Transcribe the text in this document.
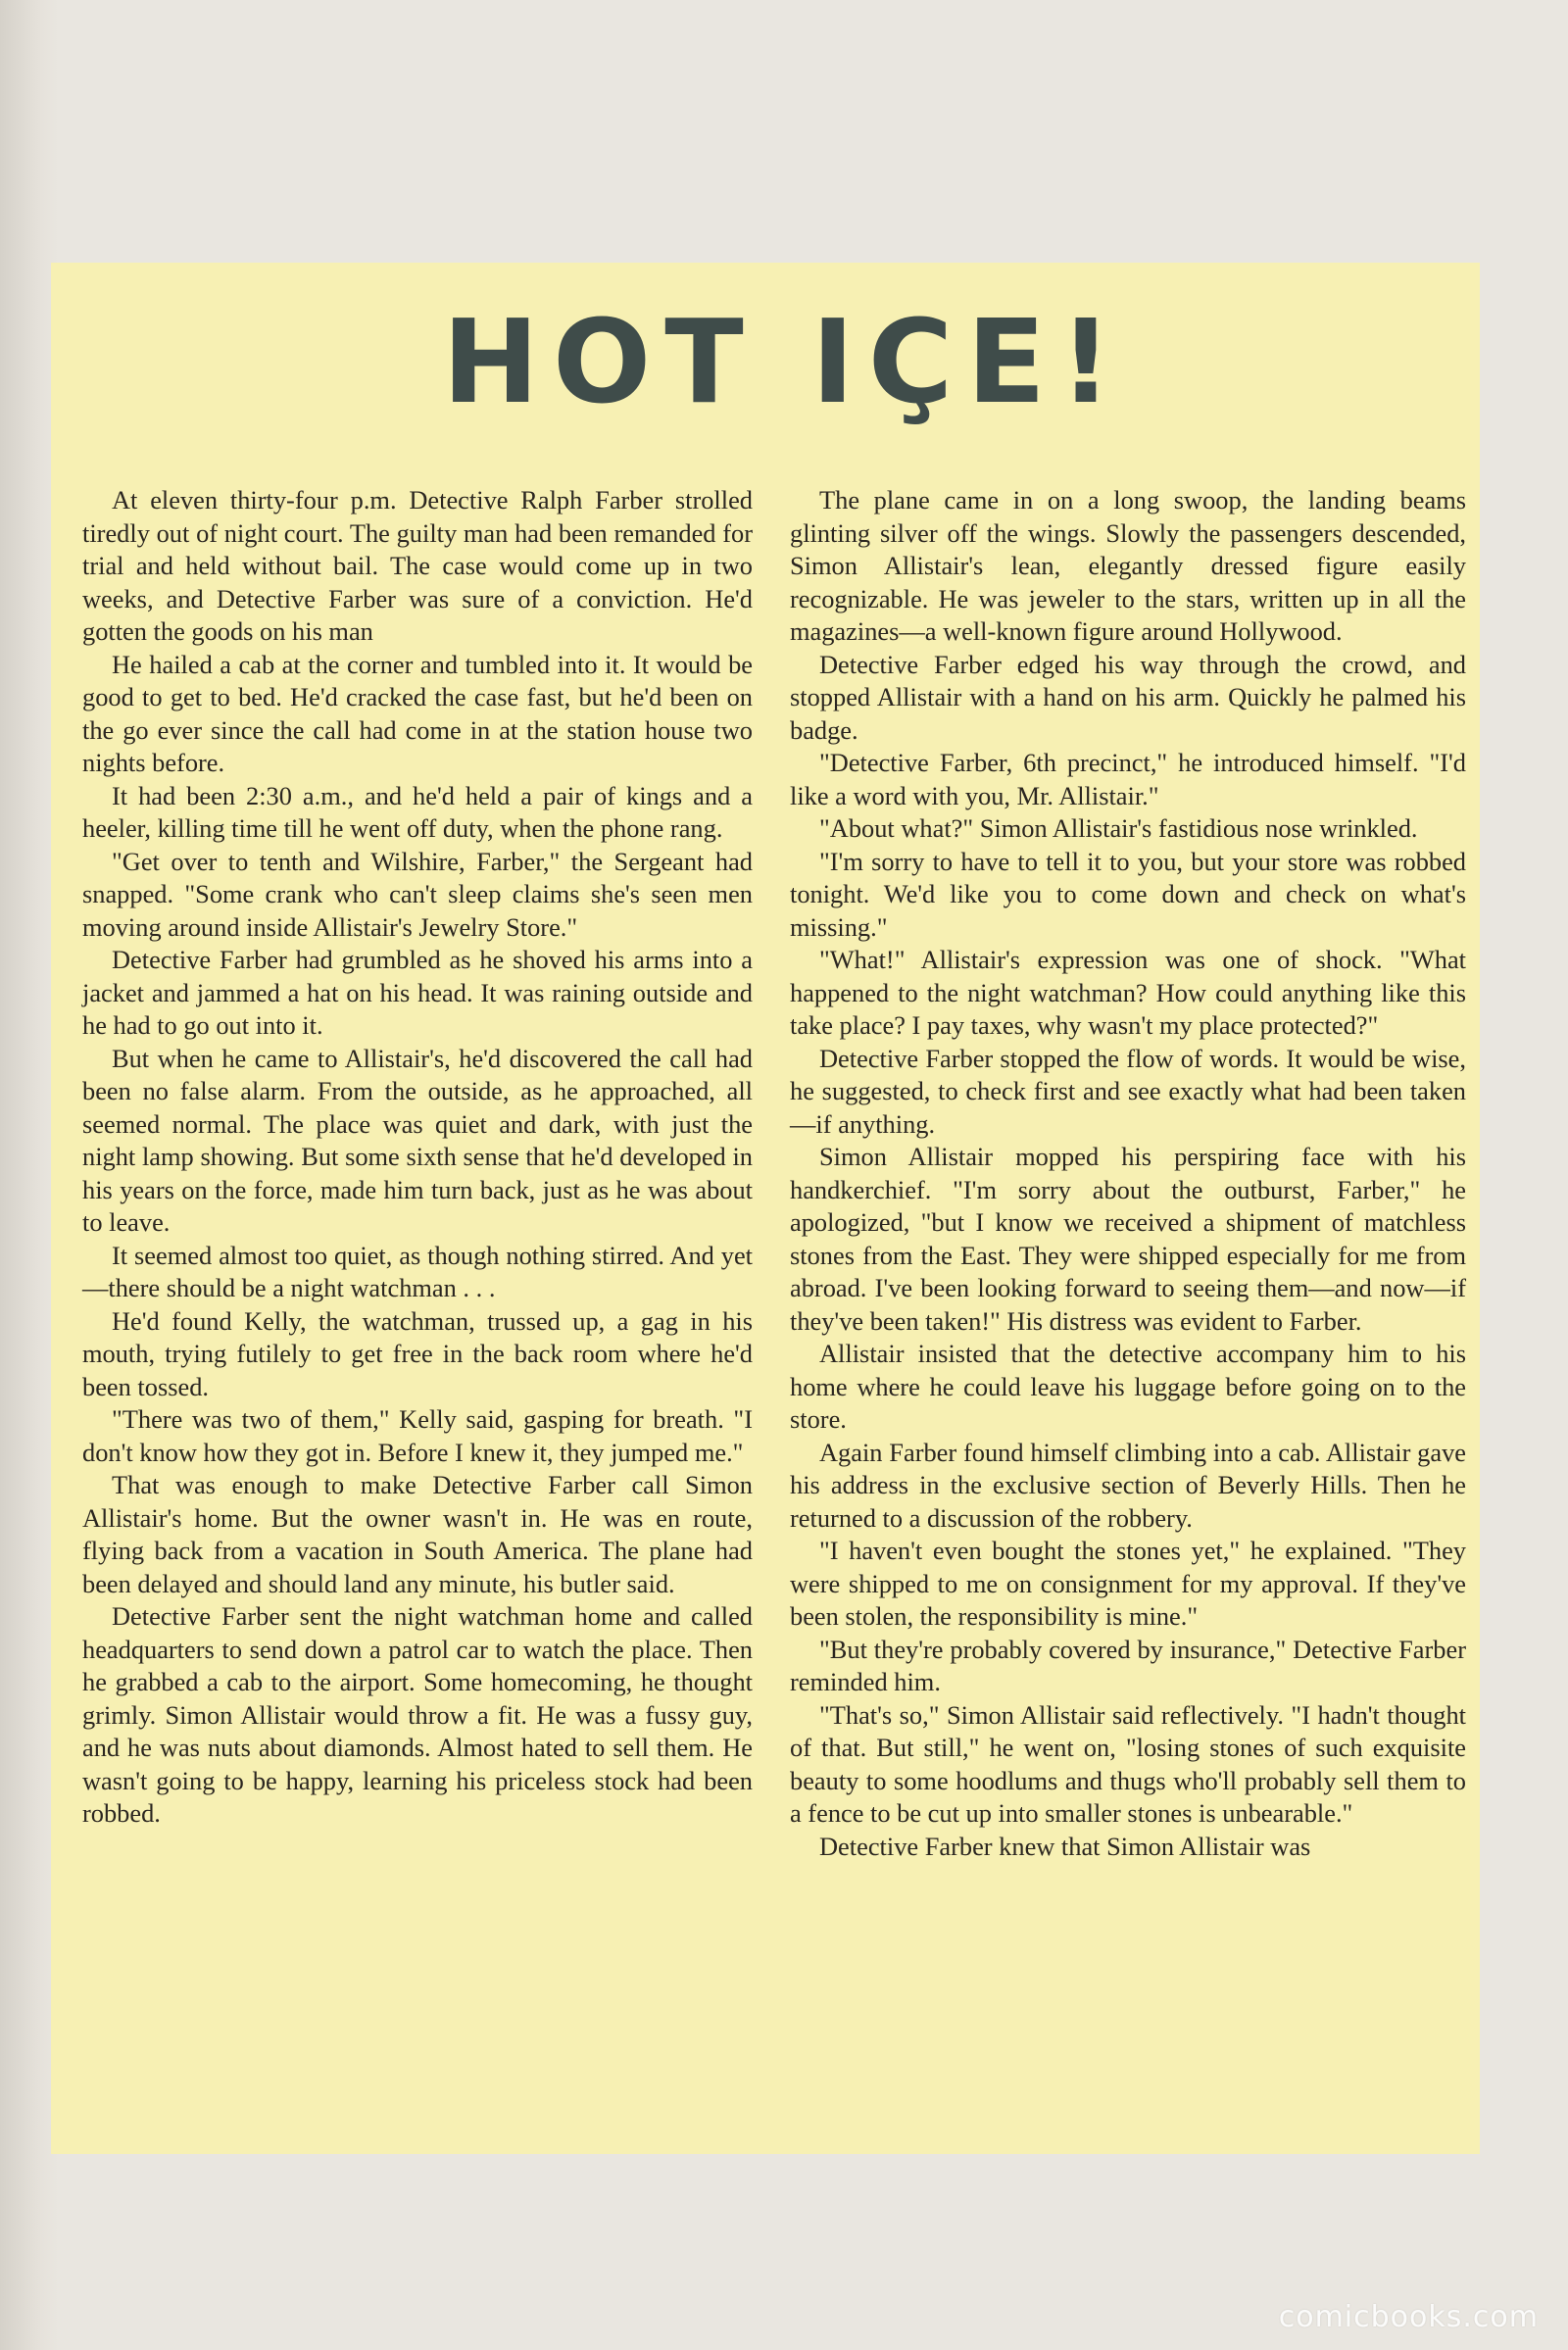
HOT IÇE!

At eleven thirty-four p.m. Detective Ralph Farber strolled tiredly out of night court. The guilty man had been remanded for trial and held without bail. The case would come up in two weeks, and Detective Farber was sure of a conviction. He'd gotten the goods on his man

He hailed a cab at the corner and tumbled into it. It would be good to get to bed. He'd cracked the case fast, but he'd been on the go ever since the call had come in at the station house two nights before.

It had been 2:30 a.m., and he'd held a pair of kings and a heeler, killing time till he went off duty, when the phone rang.

"Get over to tenth and Wilshire, Farber," the Sergeant had snapped. "Some crank who can't sleep claims she's seen men moving around inside Allistair's Jewelry Store."

Detective Farber had grumbled as he shoved his arms into a jacket and jammed a hat on his head. It was raining outside and he had to go out into it.

But when he came to Allistair's, he'd discovered the call had been no false alarm. From the outside, as he approached, all seemed normal. The place was quiet and dark, with just the night lamp showing. But some sixth sense that he'd developed in his years on the force, made him turn back, just as he was about to leave.

It seemed almost too quiet, as though nothing stirred. And yet—there should be a night watchman . . .

He'd found Kelly, the watchman, trussed up, a gag in his mouth, trying futilely to get free in the back room where he'd been tossed.

"There was two of them," Kelly said, gasping for breath. "I don't know how they got in. Before I knew it, they jumped me."

That was enough to make Detective Farber call Simon Allistair's home. But the owner wasn't in. He was en route, flying back from a vacation in South America. The plane had been delayed and should land any minute, his butler said.

Detective Farber sent the night watchman home and called headquarters to send down a patrol car to watch the place. Then he grabbed a cab to the airport. Some homecoming, he thought grimly. Simon Allistair would throw a fit. He was a fussy guy, and he was nuts about diamonds. Almost hated to sell them. He wasn't going to be happy, learning his priceless stock had been robbed.

The plane came in on a long swoop, the landing beams glinting silver off the wings. Slowly the passengers descended, Simon Allistair's lean, elegantly dressed figure easily recognizable. He was jeweler to the stars, written up in all the magazines—a well-known figure around Hollywood.

Detective Farber edged his way through the crowd, and stopped Allistair with a hand on his arm. Quickly he palmed his badge.

"Detective Farber, 6th precinct," he introduced himself. "I'd like a word with you, Mr. Allistair."

"About what?" Simon Allistair's fastidious nose wrinkled.

"I'm sorry to have to tell it to you, but your store was robbed tonight. We'd like you to come down and check on what's missing."

"What!" Allistair's expression was one of shock. "What happened to the night watchman? How could anything like this take place? I pay taxes, why wasn't my place protected?"

Detective Farber stopped the flow of words. It would be wise, he suggested, to check first and see exactly what had been taken—if anything.

Simon Allistair mopped his perspiring face with his handkerchief. "I'm sorry about the outburst, Farber," he apologized, "but I know we received a shipment of matchless stones from the East. They were shipped especially for me from abroad. I've been looking forward to seeing them—and now—if they've been taken!" His distress was evident to Farber.

Allistair insisted that the detective accompany him to his home where he could leave his luggage before going on to the store.

Again Farber found himself climbing into a cab. Allistair gave his address in the exclusive section of Beverly Hills. Then he returned to a discussion of the robbery.

"I haven't even bought the stones yet," he explained. "They were shipped to me on consignment for my approval. If they've been stolen, the responsibility is mine."

"But they're probably covered by insurance," Detective Farber reminded him.

"That's so," Simon Allistair said reflectively. "I hadn't thought of that. But still," he went on, "losing stones of such exquisite beauty to some hoodlums and thugs who'll probably sell them to a fence to be cut up into smaller stones is unbearable."

Detective Farber knew that Simon Allistair was

comicbooks.com
